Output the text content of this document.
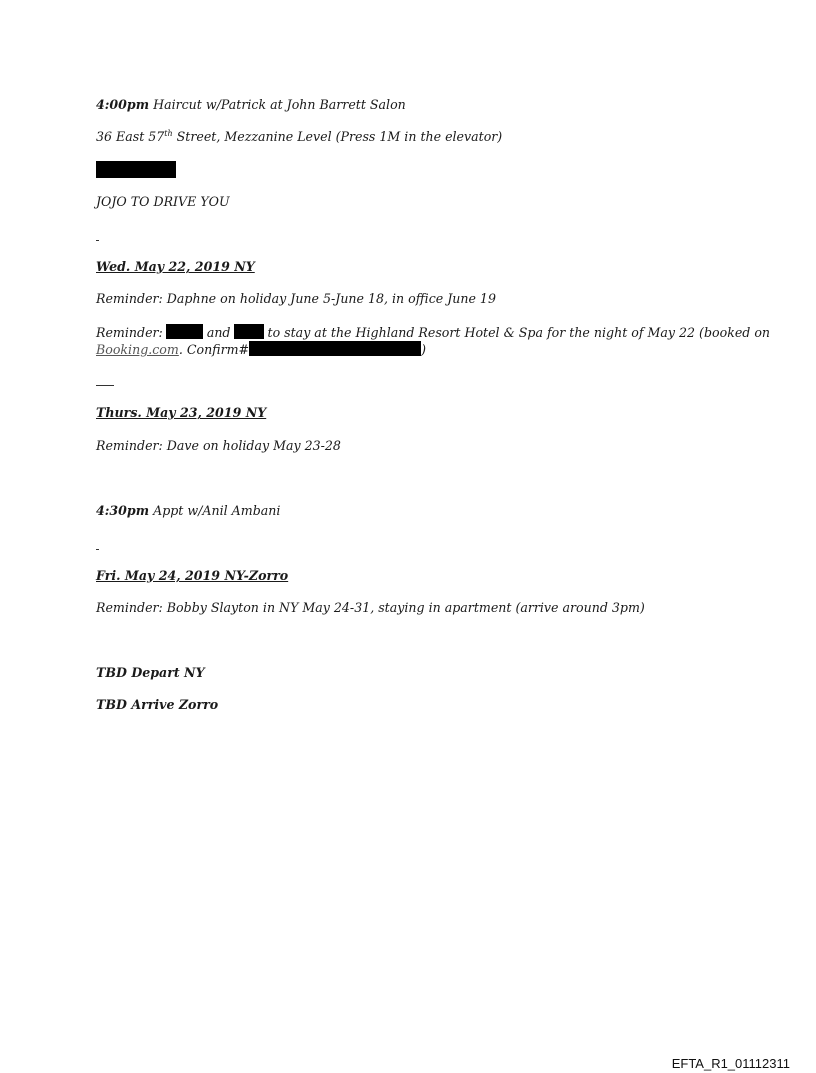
4:00pm Haircut w/Patrick at John Barrett Salon
36 East 57th Street, Mezzanine Level (Press 1M in the elevator)
JOJO TO DRIVE YOU
Wed. May 22, 2019 NY
Reminder: Daphne on holiday June 5-June 18, in office June 19
Reminder:	and	to stay at the Highland Resort Hotel & Spa for the night of May 22 (booked on
Booking.com. Confirm#	)
Thurs. May 23, 2019 NY
Reminder: Dave on holiday May 23-28
4:30pm Appt w/Anil Ambani
Fri. May 24, 2019 NY-Zorro
Reminder: Bobby Slayton in NY May 24-31, staying in apartment (arrive around 3pm)
TBD Depart NY
TBD Arrive Zorro
EFTA_R1_01112311
